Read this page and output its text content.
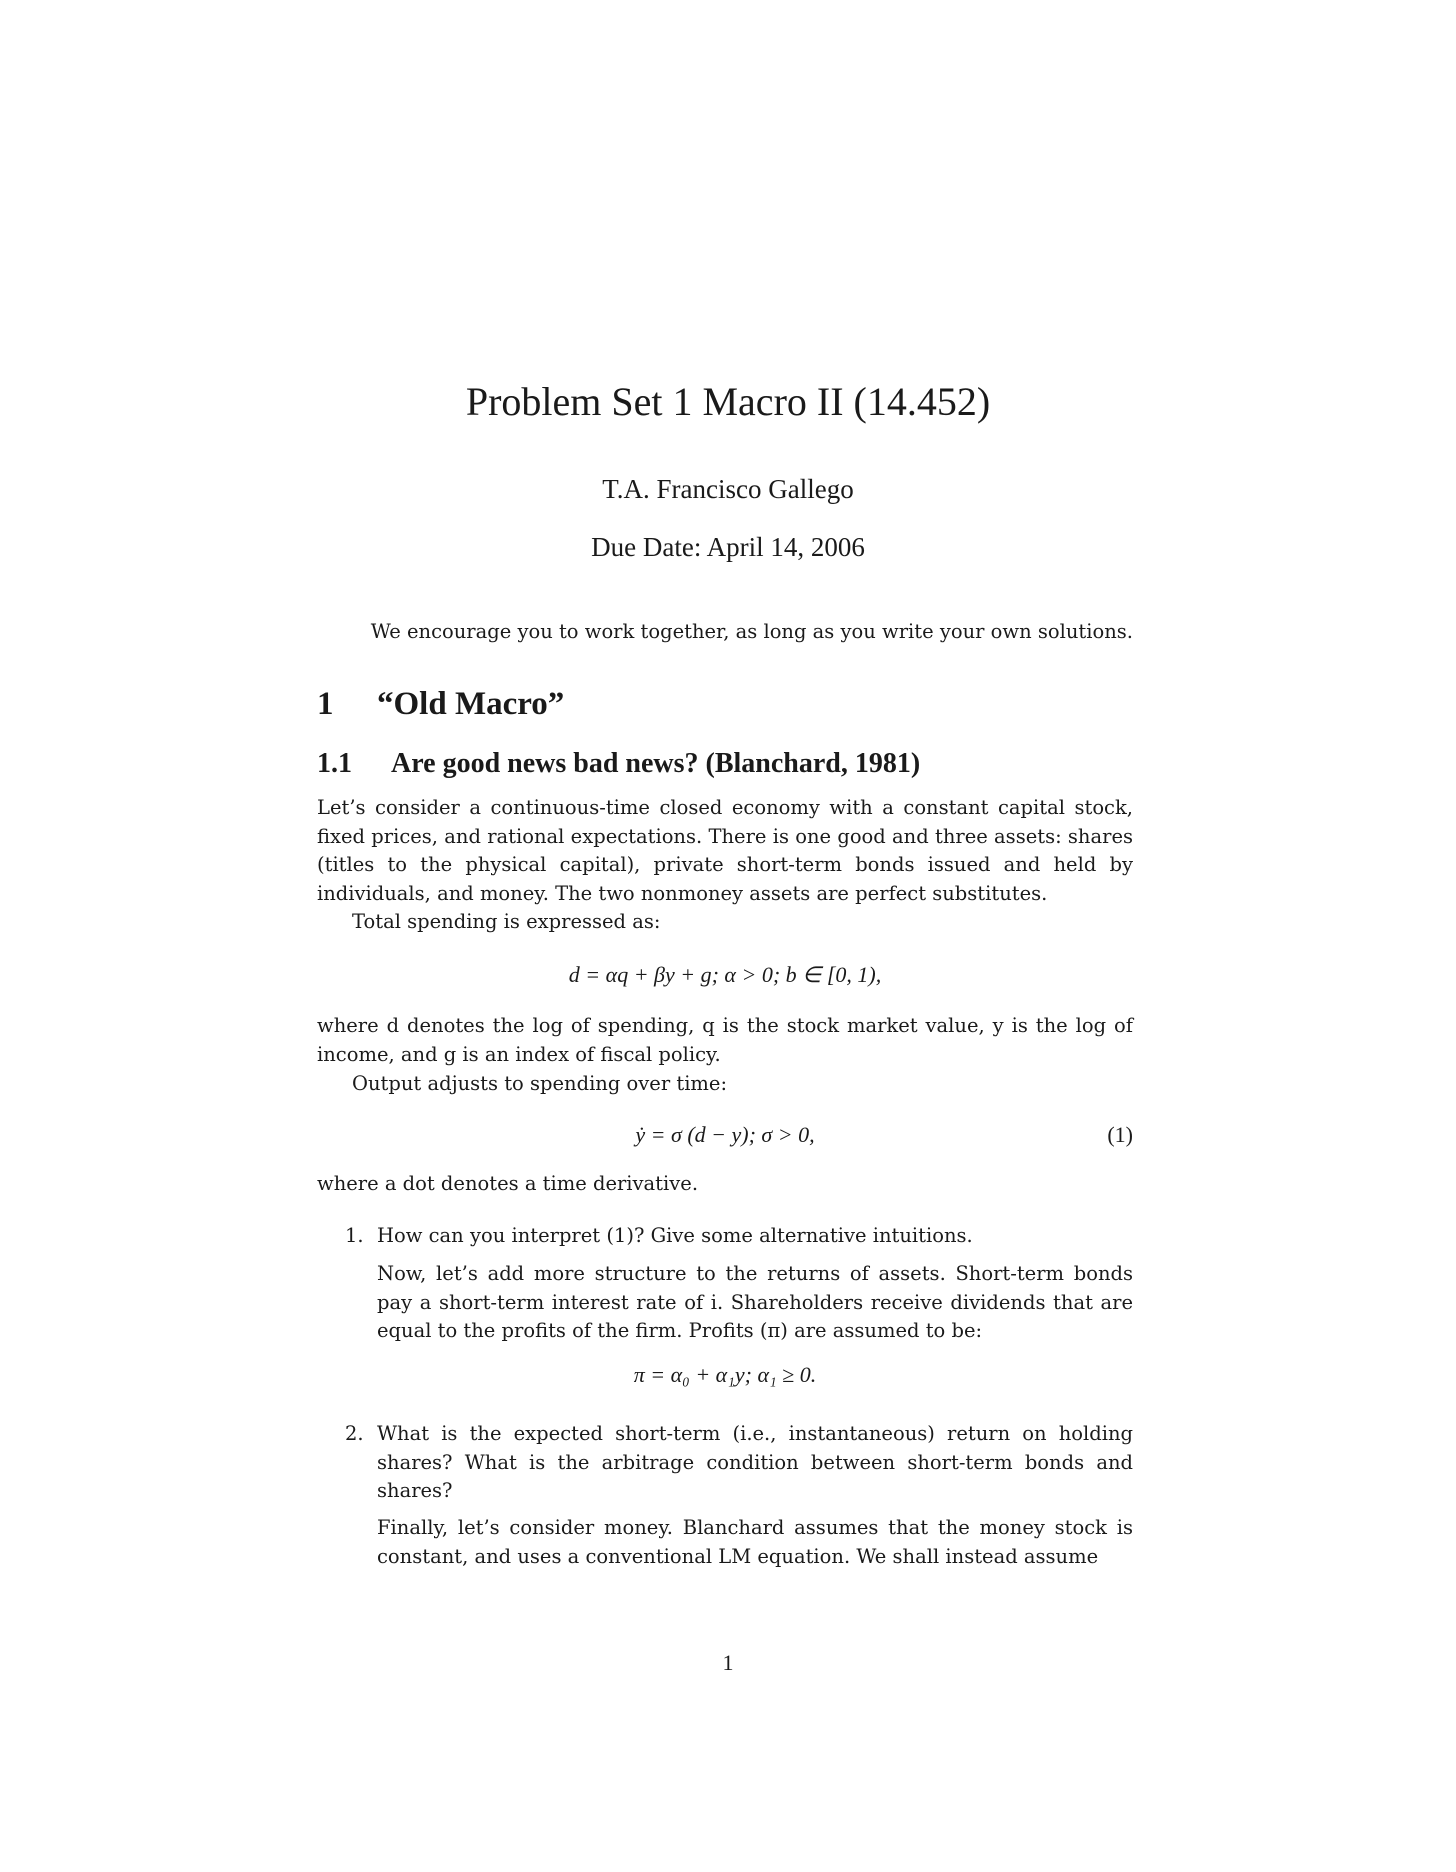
Problem Set 1 Macro II (14.452)
T.A. Francisco Gallego
Due Date: April 14, 2006
We encourage you to work together, as long as you write your own solutions.
1 “Old Macro”
1.1 Are good news bad news? (Blanchard, 1981)

Let’s consider a continuous-time closed economy with a constant capital stock, fixed prices, and rational expectations. There is one good and three assets: shares (titles to the physical capital), private short-term bonds issued and held by individuals, and money. The two nonmoney assets are perfect substitutes.

Total spending is expressed as:

d = αq + βy + g; α > 0; b ∈ [0, 1),

where d denotes the log of spending, q is the stock market value, y is the log of income, and g is an index of fiscal policy.

Output adjusts to spending over time:

ẏ = σ (d − y); σ > 0,	(1)

where a dot denotes a time derivative.

1. How can you interpret (1)? Give some alternative intuitions.

Now, let’s add more structure to the returns of assets. Short-term bonds pay a short-term interest rate of i. Shareholders receive dividends that are equal to the profits of the firm. Profits (π) are assumed to be:

π = α₀ + α₁y; α₁ ≥ 0.
2. What is the expected short-term (i.e., instantaneous) return on holding shares? What is the arbitrage condition between short-term bonds and shares?

Finally, let’s consider money. Blanchard assumes that the money stock is constant, and uses a conventional LM equation. We shall instead assume

1
